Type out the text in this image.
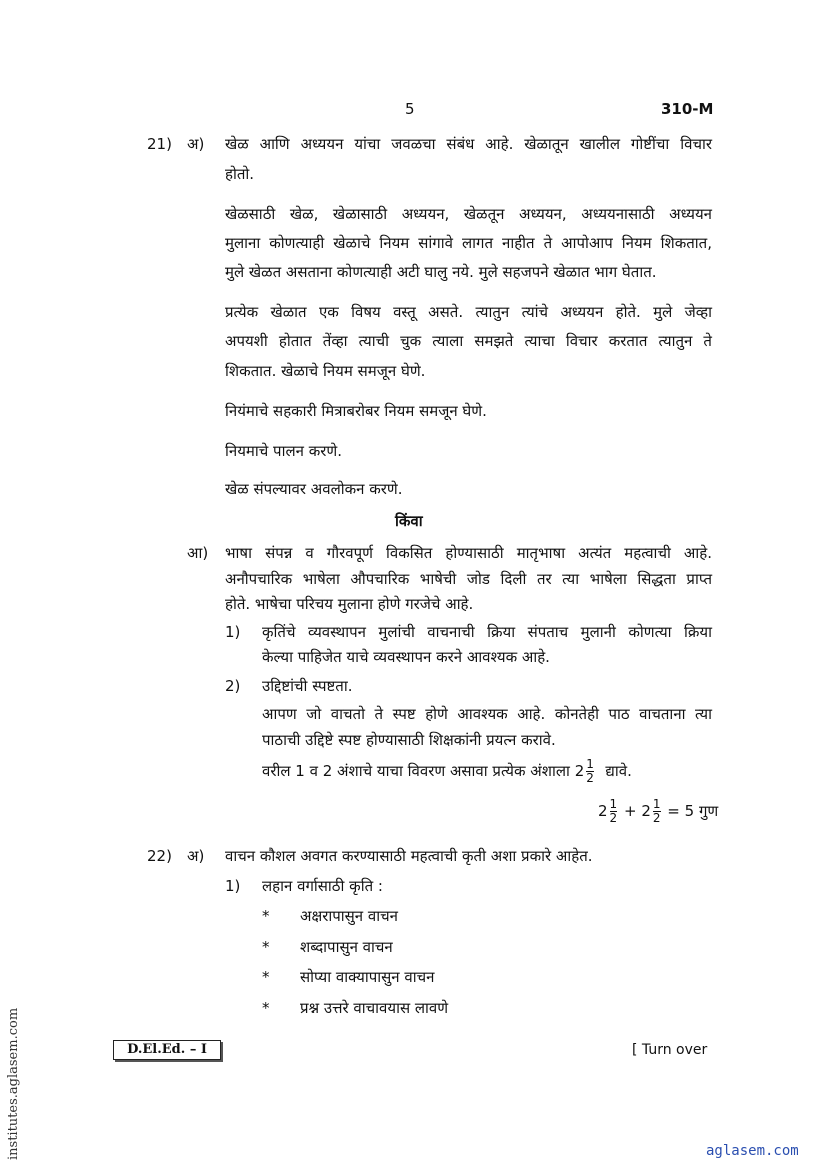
5	310-M
21) अ) खेळ आणि अध्ययन यांचा जवळचा संबंध आहे. खेळातून खालील गोष्टींचा विचार
होतो.
खेळसाठी खेळ, खेळासाठी अध्ययन, खेळतून अध्ययन, अध्ययनासाठी अध्ययन
मुलाना कोणत्याही खेळाचे नियम सांगावे लागत नाहीत ते आपोआप नियम शिकतात,
मुले खेळत असताना कोणत्याही अटी घालु नये. मुले सहजपने खेळात भाग घेतात.
प्रत्येक खेळात एक विषय वस्तू असते. त्यातुन त्यांचे अध्ययन होते. मुले जेव्हा
अपयशी होतात तेंव्हा त्याची चुक त्याला समझते त्याचा विचार करतात त्यातुन ते
शिकतात. खेळाचे नियम समजून घेणे.
नियंमाचे सहकारी मित्राबरोबर नियम समजून घेणे.
नियमाचे पालन करणे.
खेळ संपल्यावर अवलोकन करणे.
किंवा
आ) भाषा संपन्न व गौरवपूर्ण विकसित होण्यासाठी मातृभाषा अत्यंत महत्वाची आहे.
अनौपचारिक भाषेला औपचारिक भाषेची जोड दिली तर त्या भाषेला सिद्धता प्राप्त
होते. भाषेचा परिचय मुलाना होणे गरजेचे आहे.
1) कृतिंचे व्यवस्थापन मुलांची वाचनाची क्रिया संपताच मुलानी कोणत्या क्रिया
केल्या पाहिजेत याचे व्यवस्थापन करने आवश्यक आहे.
2) उद्दिष्टांची स्पष्टता.
आपण जो वाचतो ते स्पष्ट होणे आवश्यक आहे. कोनतेही पाठ वाचताना त्या
पाठाची उद्दिष्टे स्पष्ट होण्यासाठी शिक्षकांनी प्रयत्न करावे.
वरील 1 व 2 अंशाचे याचा विवरण असावा प्रत्येक अंशाला $2 \frac{1}{2}$ द्यावे.
$2 \frac{1}{2} + 2 \frac{1}{2} = 5$ गुण
22) अ) वाचन कौशल अवगत करण्यासाठी महत्वाची कृती अशा प्रकारे आहेत.
1) लहान वर्गासाठी कृति :
* अक्षरापासुन वाचन
* शब्दापासुन वाचन
* सोप्या वाक्यापासुन वाचन
* प्रश्न उत्तरे वाचावयास लावणे
D.El.Ed. – I	[ Turn over
institutes.aglasem.com	aglasem.com
